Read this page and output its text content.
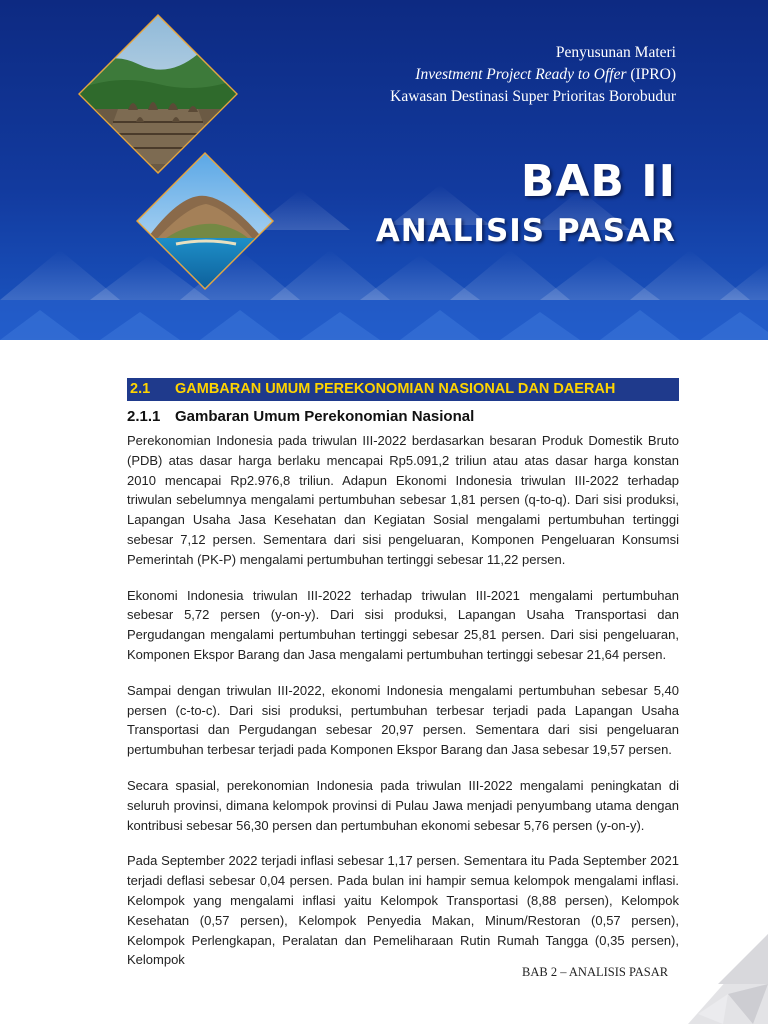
Penyusunan Materi
Investment Project Ready to Offer (IPRO)
Kawasan Destinasi Super Prioritas Borobudur
BAB II
ANALISIS PASAR
2.1 GAMBARAN UMUM PEREKONOMIAN NASIONAL DAN DAERAH
2.1.1 Gambaran Umum Perekonomian Nasional

Perekonomian Indonesia pada triwulan III-2022 berdasarkan besaran Produk Domestik Bruto (PDB) atas dasar harga berlaku mencapai Rp5.091,2 triliun atau atas dasar harga konstan 2010 mencapai Rp2.976,8 triliun. Adapun Ekonomi Indonesia triwulan III-2022 terhadap triwulan sebelumnya mengalami pertumbuhan sebesar 1,81 persen (q-to-q). Dari sisi produksi, Lapangan Usaha Jasa Kesehatan dan Kegiatan Sosial mengalami pertumbuhan tertinggi sebesar 7,12 persen. Sementara dari sisi pengeluaran, Komponen Pengeluaran Konsumsi Pemerintah (PK-P) mengalami pertumbuhan tertinggi sebesar 11,22 persen.

Ekonomi Indonesia triwulan III-2022 terhadap triwulan III-2021 mengalami pertumbuhan sebesar 5,72 persen (y-on-y). Dari sisi produksi, Lapangan Usaha Transportasi dan Pergudangan mengalami pertumbuhan tertinggi sebesar 25,81 persen. Dari sisi pengeluaran, Komponen Ekspor Barang dan Jasa mengalami pertumbuhan tertinggi sebesar 21,64 persen.

Sampai dengan triwulan III-2022, ekonomi Indonesia mengalami pertumbuhan sebesar 5,40 persen (c-to-c). Dari sisi produksi, pertumbuhan terbesar terjadi pada Lapangan Usaha Transportasi dan Pergudangan sebesar 20,97 persen. Sementara dari sisi pengeluaran pertumbuhan terbesar terjadi pada Komponen Ekspor Barang dan Jasa sebesar 19,57 persen.

Secara spasial, perekonomian Indonesia pada triwulan III-2022 mengalami peningkatan di seluruh provinsi, dimana kelompok provinsi di Pulau Jawa menjadi penyumbang utama dengan kontribusi sebesar 56,30 persen dan pertumbuhan ekonomi sebesar 5,76 persen (y-on-y).

Pada September 2022 terjadi inflasi sebesar 1,17 persen. Sementara itu Pada September 2021 terjadi deflasi sebesar 0,04 persen. Pada bulan ini hampir semua kelompok mengalami inflasi. Kelompok yang mengalami inflasi yaitu Kelompok Transportasi (8,88 persen), Kelompok Kesehatan (0,57 persen), Kelompok Penyedia Makan, Minum/Restoran (0,57 persen), Kelompok Perlengkapan, Peralatan dan Pemeliharaan Rutin Rumah Tangga (0,35 persen), Kelompok

BAB 2 – ANALISIS PASAR
